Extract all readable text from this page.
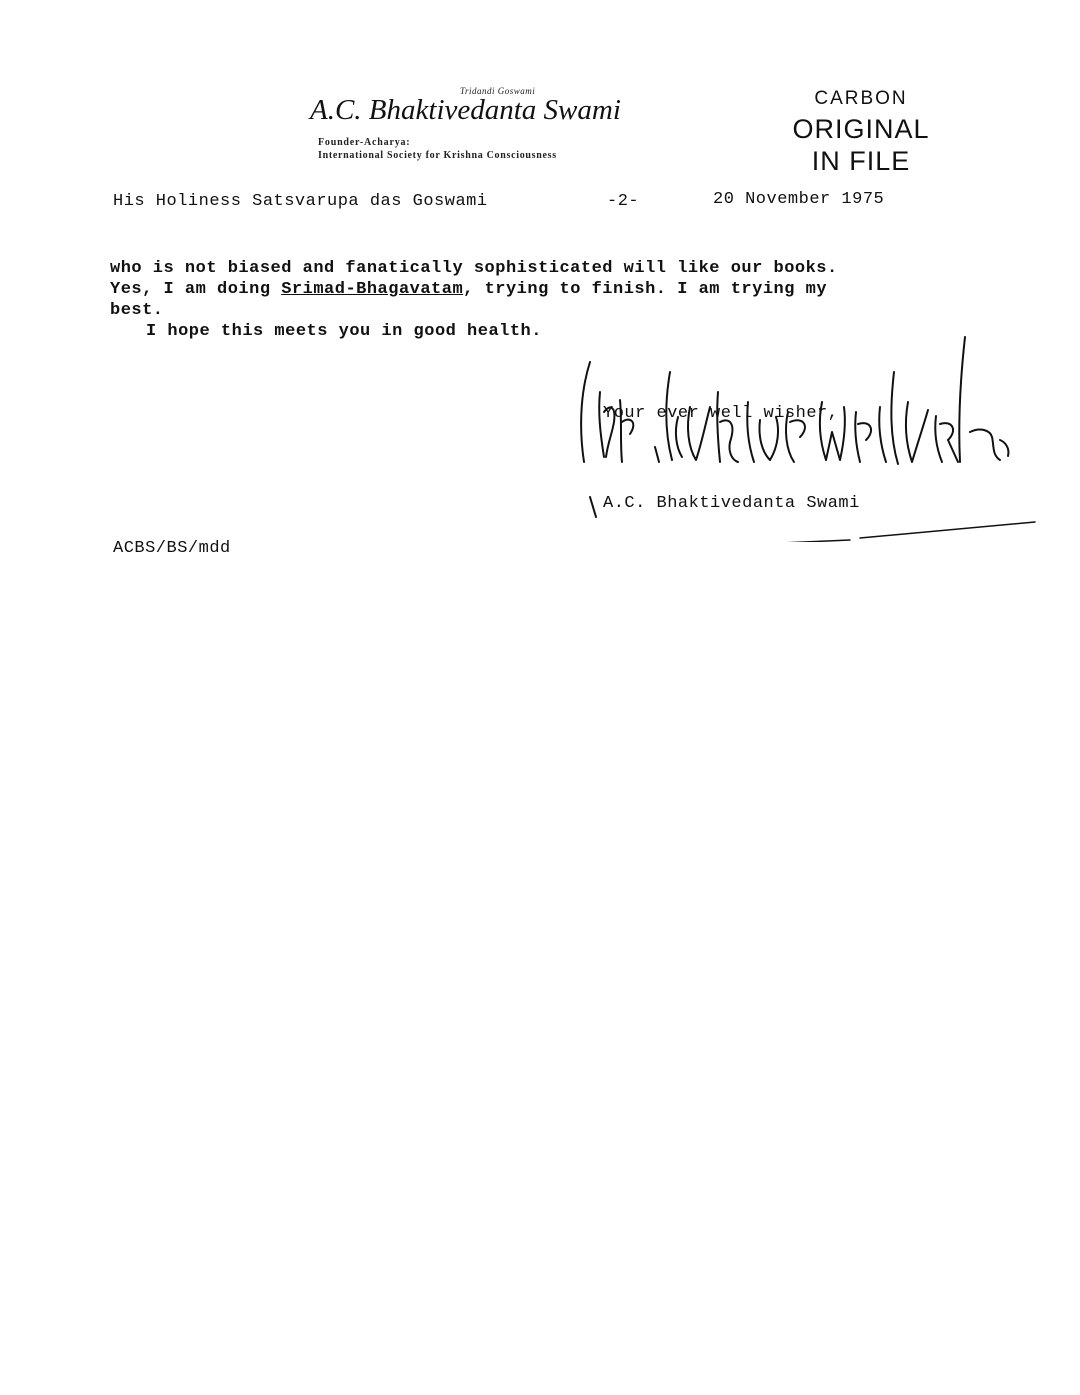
Tridandi Goswami
A.C. Bhaktivedanta Swami
Founder-Acharya:
International Society for Krishna Consciousness
CARBON
ORIGINAL
IN FILE
His Holiness Satsvarupa das Goswami	-2-	20 November 1975
who is not biased and fanatically sophisticated will like our books.
Yes, I am doing Srimad-Bhagavatam, trying to finish. I am trying my
best.
I hope this meets you in good health.
Your ever well wisher,
A.C. Bhaktivedanta Swami
ACBS/BS/mdd
